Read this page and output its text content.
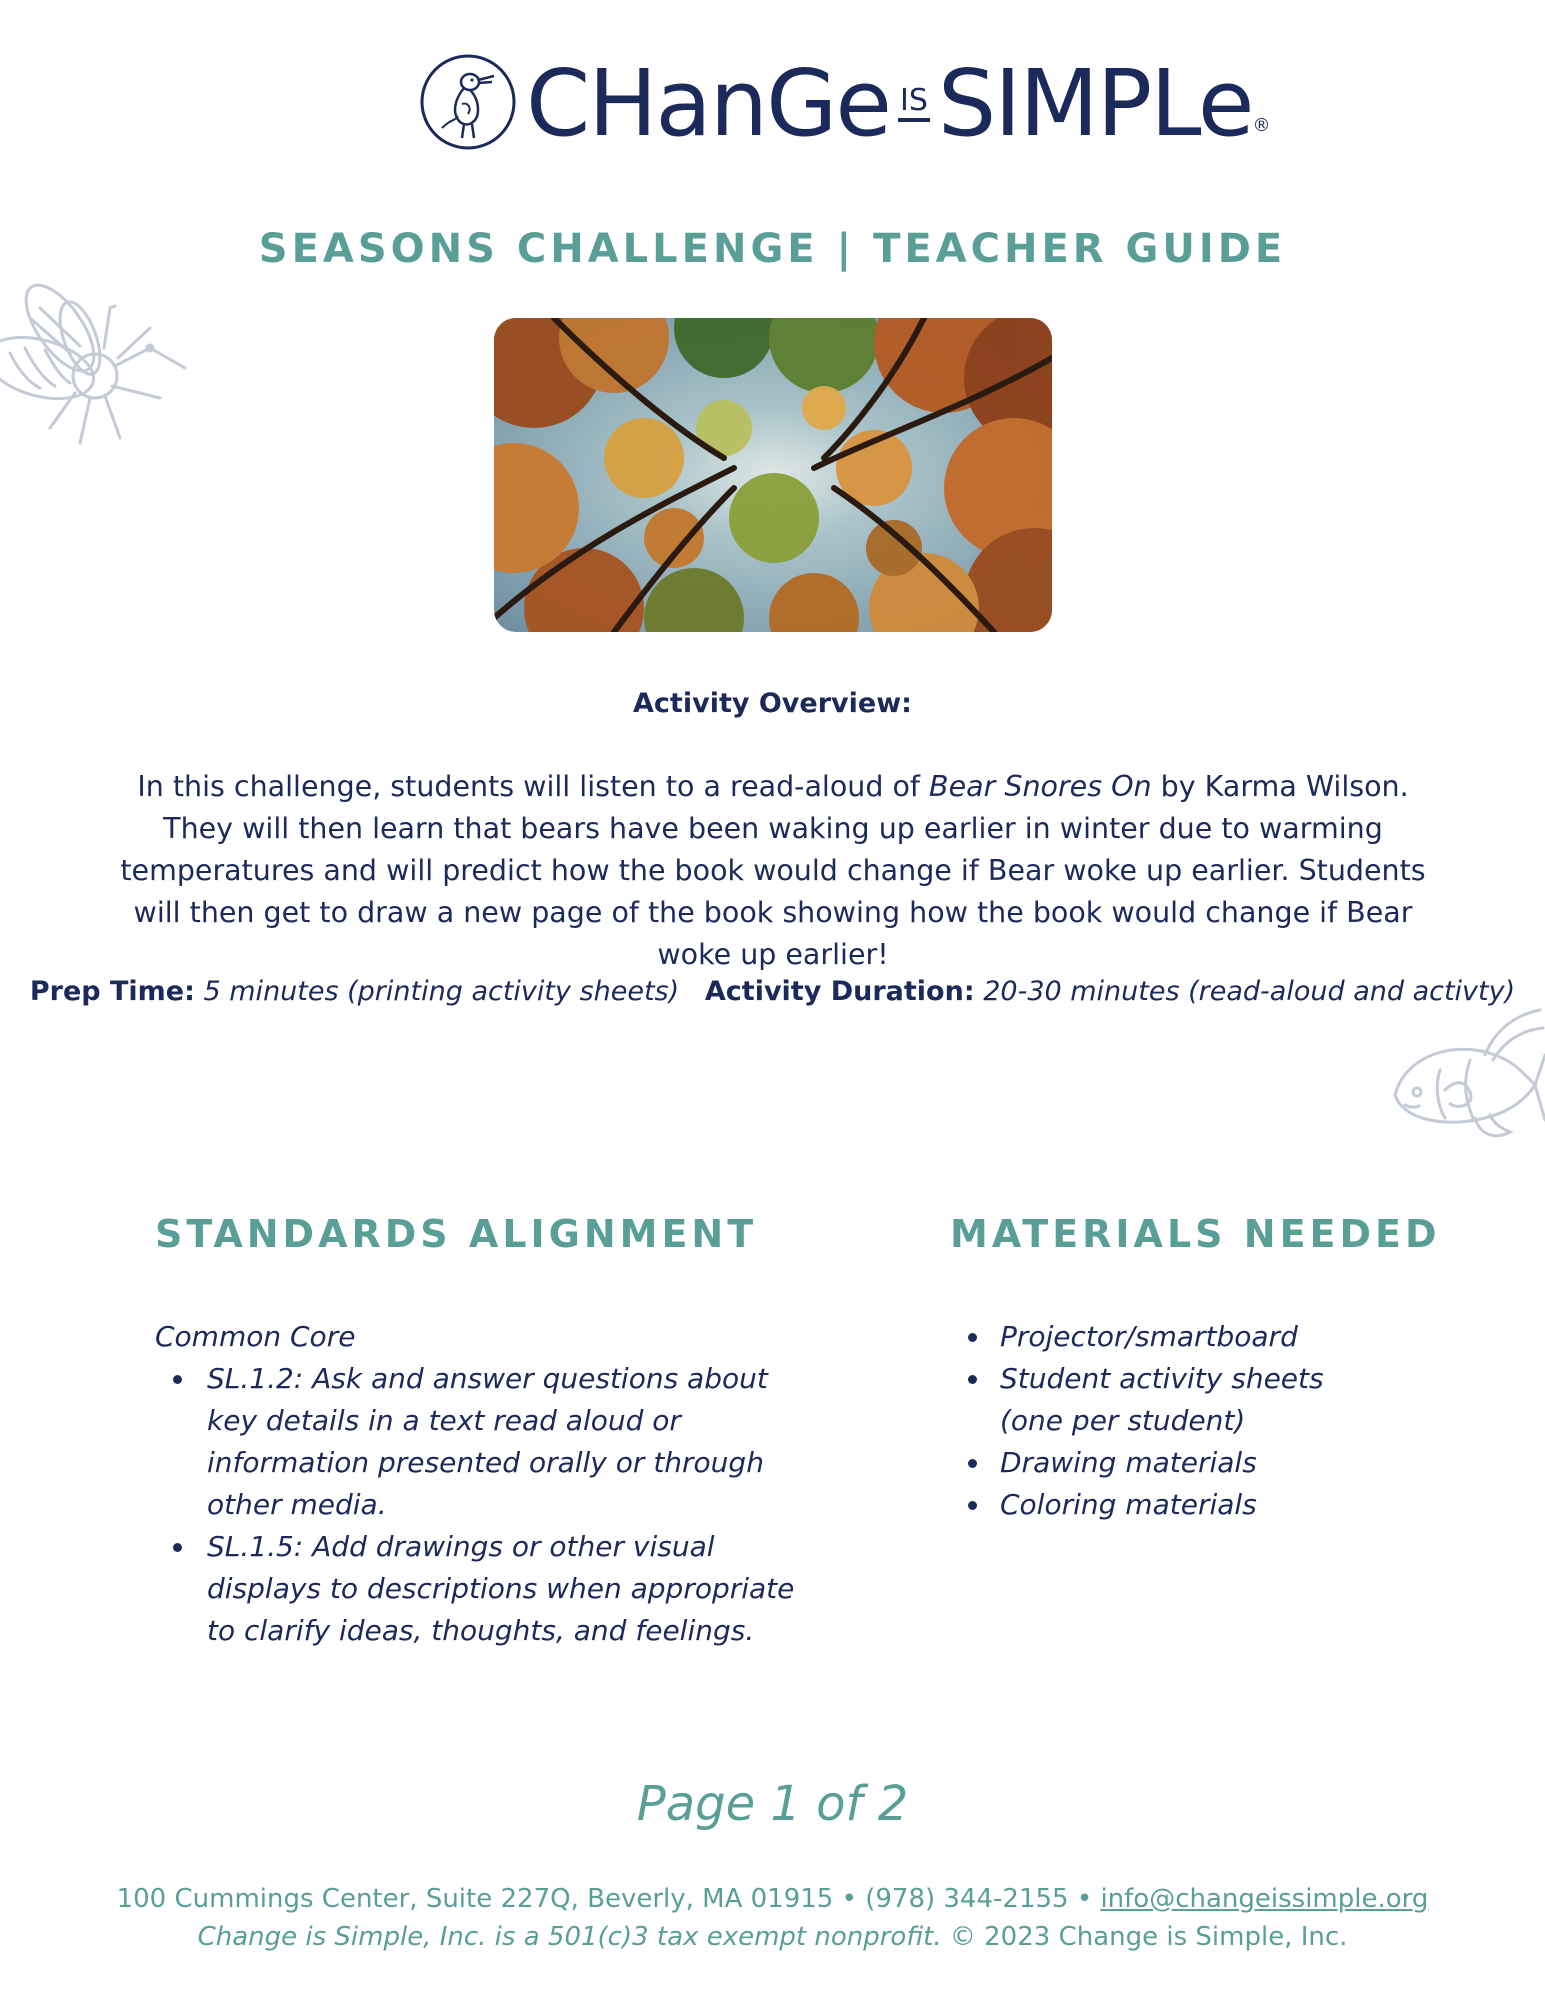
CHanGe IS SIMPLe®
SEASONS CHALLENGE | TEACHER GUIDE
Activity Overview:
In this challenge, students will listen to a read-aloud of Bear Snores On by Karma Wilson. They will then learn that bears have been waking up earlier in winter due to warming temperatures and will predict how the book would change if Bear woke up earlier. Students will then get to draw a new page of the book showing how the book would change if Bear woke up earlier!
Prep Time: 5 minutes (printing activity sheets) Activity Duration: 20-30 minutes (read-aloud and activty)
STANDARDS ALIGNMENT
Common Core
SL.1.2: Ask and answer questions about key details in a text read aloud or information presented orally or through other media.
SL.1.5: Add drawings or other visual displays to descriptions when appropriate to clarify ideas, thoughts, and feelings.
MATERIALS NEEDED
Projector/smartboard
Student activity sheets (one per student)
Drawing materials
Coloring materials
Page 1 of 2
100 Cummings Center, Suite 227Q, Beverly, MA 01915 • (978) 344-2155 • info@changeissimple.org
Change is Simple, Inc. is a 501(c)3 tax exempt nonprofit. © 2023 Change is Simple, Inc.
